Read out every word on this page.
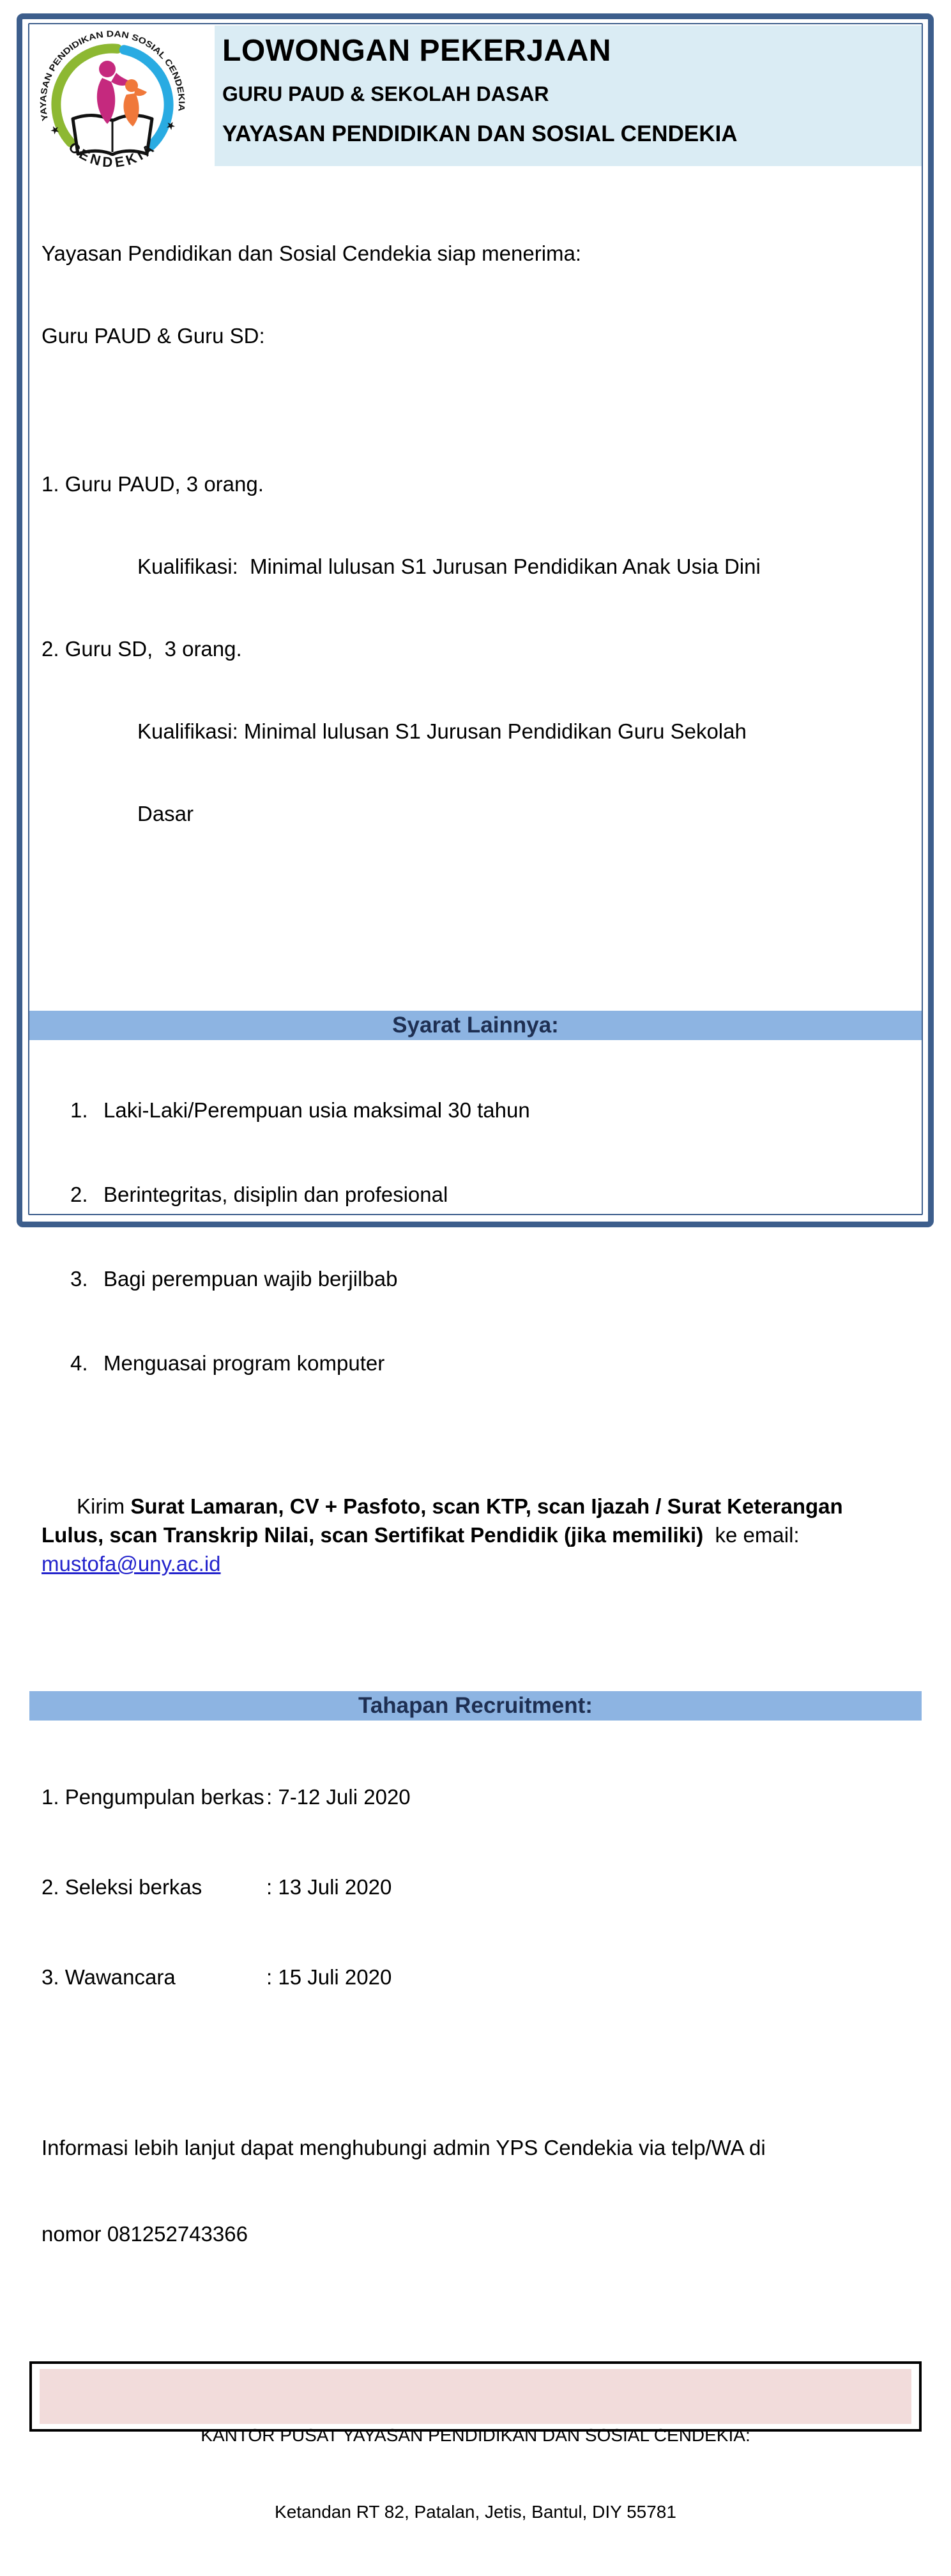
YAYASAN PENDIDIKAN DAN SOSIAL CENDEKIA
CENDEKIA
★	★
LOWONGAN PEKERJAAN
GURU PAUD & SEKOLAH DASAR
YAYASAN PENDIDIKAN DAN SOSIAL CENDEKIA

Yayasan Pendidikan dan Sosial Cendekia siap menerima:

Guru PAUD & Guru SD:

1. Guru PAUD, 3 orang.

Kualifikasi:  Minimal lulusan S1 Jurusan Pendidikan Anak Usia Dini

2. Guru SD,  3 orang.

Kualifikasi: Minimal lulusan S1 Jurusan Pendidikan Guru Sekolah

Dasar

Syarat Lainnya:

1. Laki-Laki/Perempuan usia maksimal 30 tahun

2. Berintegritas, disiplin dan profesional

3. Bagi perempuan wajib berjilbab

4. Menguasai program komputer

Kirim Surat Lamaran, CV + Pasfoto, scan KTP, scan Ijazah / Surat Keterangan Lulus, scan Transkrip Nilai, scan Sertifikat Pendidik (jika memiliki)  ke email: mustofa@uny.ac.id

Tahapan Recruitment:

1. Pengumpulan berkas : 7-12 Juli 2020

2. Seleksi berkas	: 13 Juli 2020

3. Wawancara	: 15 Juli 2020

Informasi lebih lanjut dapat menghubungi admin YPS Cendekia via telp/WA di

nomor 081252743366

KANTOR PUSAT YAYASAN PENDIDIKAN DAN SOSIAL CENDEKIA:

Ketandan RT 82, Patalan, Jetis, Bantul, DIY 55781
